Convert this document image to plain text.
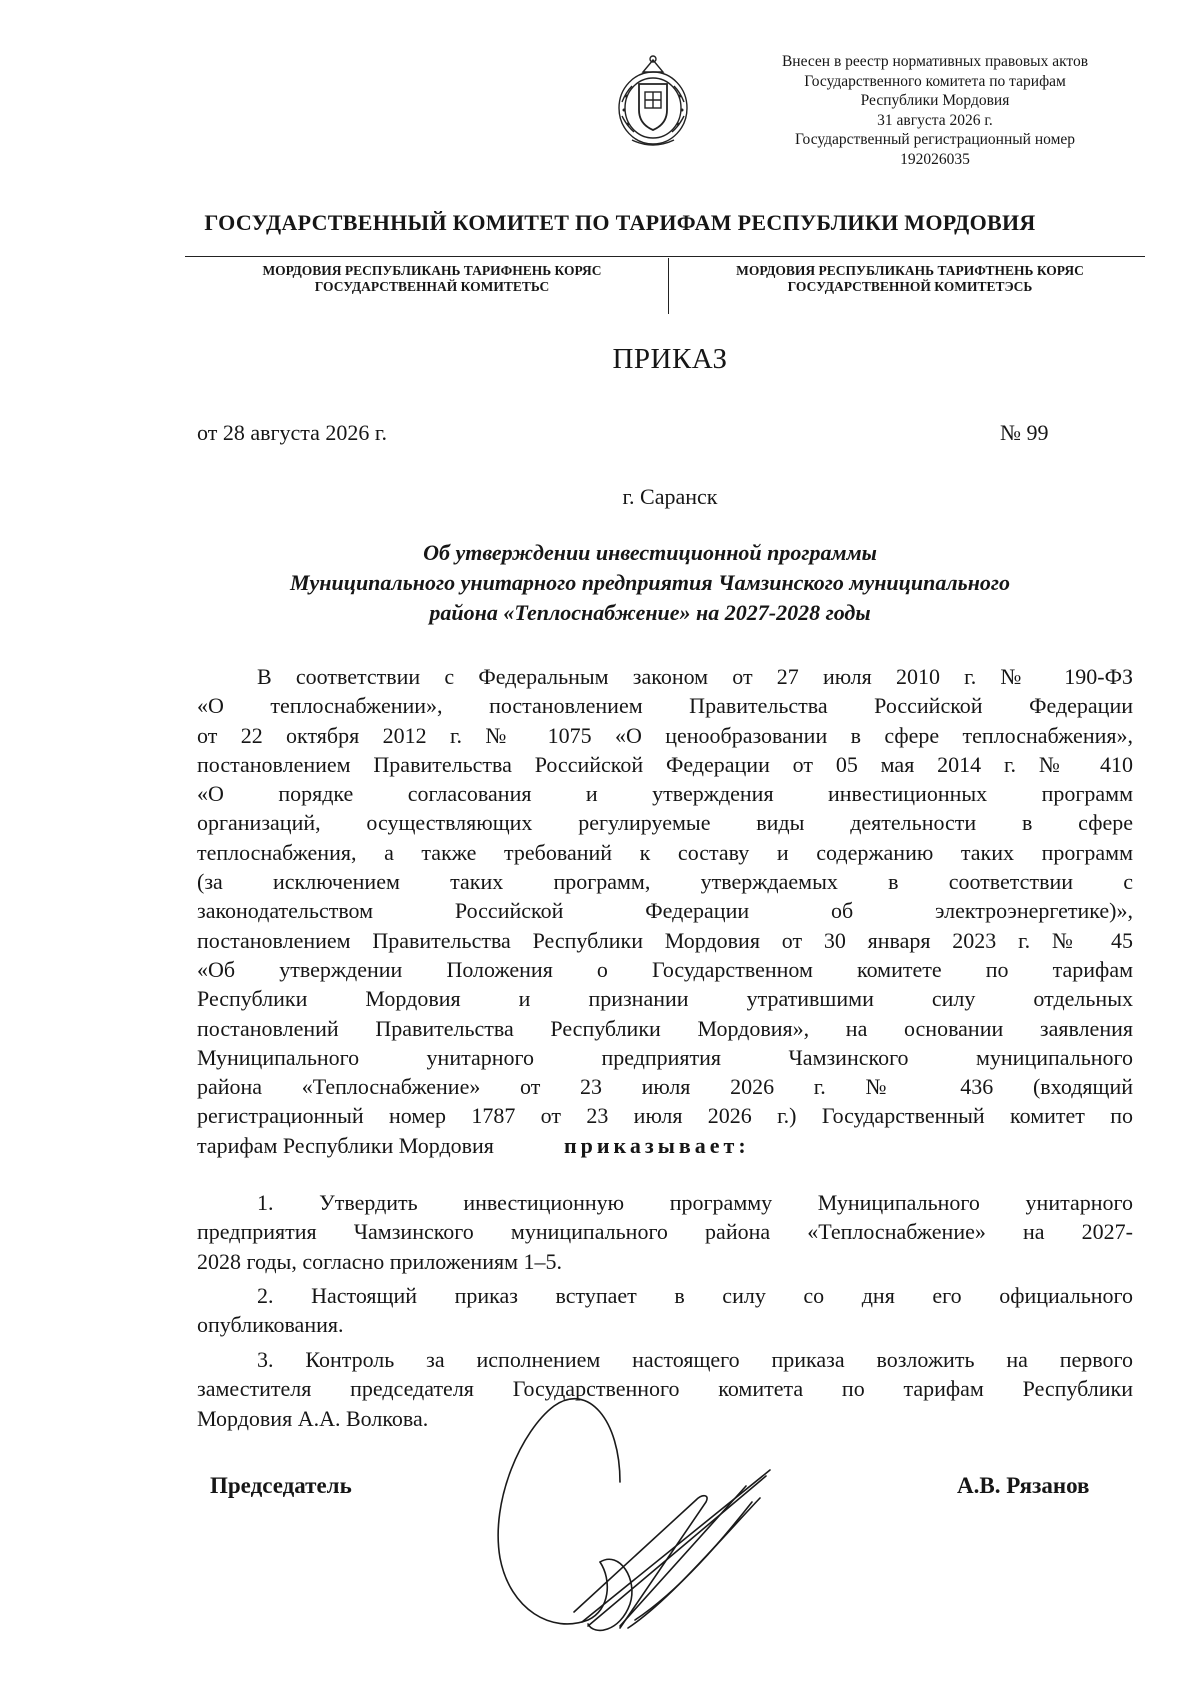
Внесен в реестр нормативных правовых актов
Государственного комитета по тарифам
Республики Мордовия
31 августа 2026 г.
Государственный регистрационный номер
192026035
ГОСУДАРСТВЕННЫЙ КОМИТЕТ ПО ТАРИФАМ РЕСПУБЛИКИ МОРДОВИЯ
МОРДОВИЯ РЕСПУБЛИКАНЬ ТАРИФНЕНЬ КОРЯС
ГОСУДАРСТВЕННАЙ КОМИТЕТЬС
МОРДОВИЯ РЕСПУБЛИКАНЬ ТАРИФТНЕНЬ КОРЯС
ГОСУДАРСТВЕННОЙ КОМИТЕТЭСЬ
ПРИКАЗ
от 28 августа 2026 г.	№ 99
г. Саранск
Об утверждении инвестиционной программы
Муниципального унитарного предприятия Чамзинского муниципального
района «Теплоснабжение» на 2027-2028 годы
В соответствии с Федеральным законом от 27 июля 2010 г. № 190-ФЗ
«О теплоснабжении», постановлением Правительства Российской Федерации
от 22 октября 2012 г. № 1075 «О ценообразовании в сфере теплоснабжения»,
постановлением Правительства Российской Федерации от 05 мая 2014 г. № 410
«О порядке согласования и утверждения инвестиционных программ
организаций, осуществляющих регулируемые виды деятельности в сфере
теплоснабжения, а также требований к составу и содержанию таких программ
(за исключением таких программ, утверждаемых в соответствии с
законодательством Российской Федерации об электроэнергетике)»,
постановлением Правительства Республики Мордовия от 30 января 2023 г. № 45
«Об утверждении Положения о Государственном комитете по тарифам
Республики Мордовия и признании утратившими силу отдельных
постановлений Правительства Республики Мордовия», на основании заявления
Муниципального унитарного предприятия Чамзинского муниципального
района «Теплоснабжение» от 23 июля 2026 г. № 436 (входящий
регистрационный номер 1787 от 23 июля 2026 г.) Государственный комитет по
тарифам Республики Мордовия	приказывает:
1. Утвердить инвестиционную программу Муниципального унитарного
предприятия Чамзинского муниципального района «Теплоснабжение» на 2027-
2028 годы, согласно приложениям 1–5.
2. Настоящий приказ вступает в силу со дня его официального
опубликования.
3. Контроль за исполнением настоящего приказа возложить на первого
заместителя председателя Государственного комитета по тарифам Республики
Мордовия А.А. Волкова.
Председатель	А.В. Рязанов
